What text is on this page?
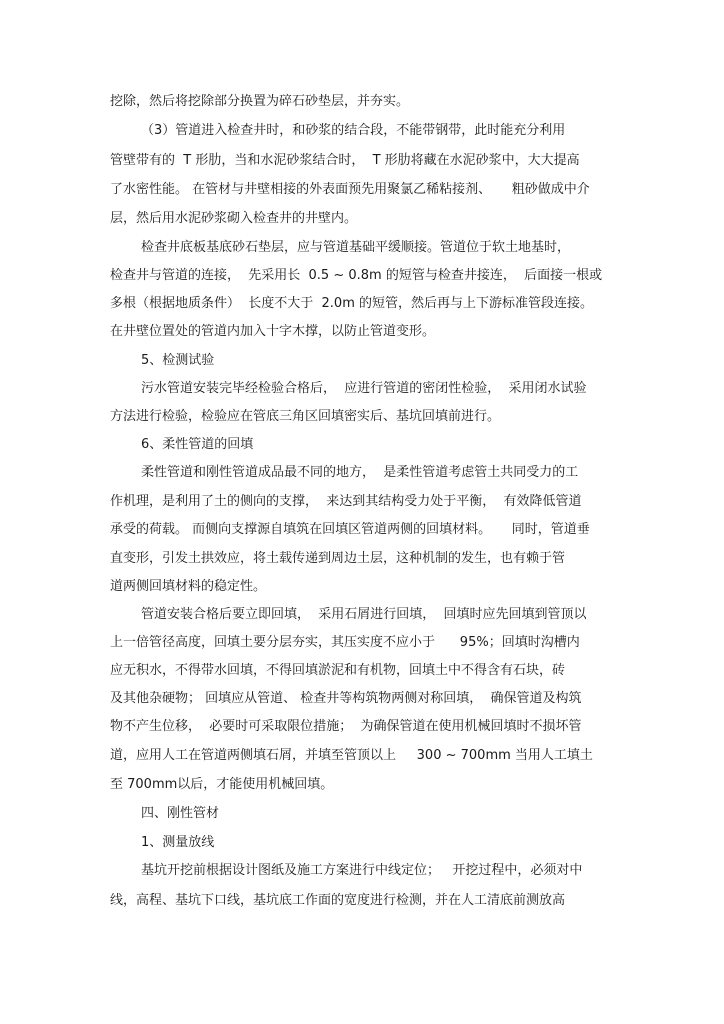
挖除，然后将挖除部分换置为碎石砂垫层，并夯实。
（3）管道进入检查井时，和砂浆的结合段，不能带钢带，此时能充分利用
管壁带有的  T 形肋，当和水泥砂浆结合时，  T 形肋将藏在水泥砂浆中，大大提高
了水密性能。 在管材与井壁相接的外表面预先用聚氯乙稀粘接剂、     粗砂做成中介
层，然后用水泥砂浆砌入检查井的井壁内。
检查井底板基底砂石垫层，应与管道基础平缓顺接。管道位于软土地基时，
检查井与管道的连接，  先采用长  0.5 ~ 0.8m 的短管与检查井接连，  后面接一根或
多根（根据地质条件）  长度不大于  2.0m 的短管，然后再与上下游标准管段连接。
在井壁位置处的管道内加入十字木撑，以防止管道变形。
5、检测试验
污水管道安装完毕经检验合格后，  应进行管道的密闭性检验，  采用闭水试验
方法进行检验，检验应在管底三角区回填密实后、基坑回填前进行。
6、柔性管道的回填
柔性管道和刚性管道成品最不同的地方，  是柔性管道考虑管土共同受力的工
作机理，是利用了土的侧向的支撑，  来达到其结构受力处于平衡，  有效降低管道
承受的荷载。 而侧向支撑源自填筑在回填区管道两侧的回填材料。     同时，管道垂
直变形，引发土拱效应，将土载传递到周边土层，这种机制的发生，也有赖于管
道两侧回填材料的稳定性。
管道安装合格后要立即回填，  采用石屑进行回填，  回填时应先回填到管顶以
上一倍管径高度，回填土要分层夯实，其压实度不应小于      95%；回填时沟槽内
应无积水，不得带水回填，不得回填淤泥和有机物，回填土中不得含有石块，砖
及其他杂硬物； 回填应从管道、 检查井等构筑物两侧对称回填，  确保管道及构筑
物不产生位移，  必要时可采取限位措施；  为确保管道在使用机械回填时不损坏管
道，应用人工在管道两侧填石屑，并填至管顶以上     300 ~ 700mm 当用人工填土
至 700mm以后，才能使用机械回填。
四、刚性管材
1、测量放线
基坑开挖前根据设计图纸及施工方案进行中线定位；   开挖过程中，必须对中
线，高程、基坑下口线，基坑底工作面的宽度进行检测，并在人工清底前测放高
